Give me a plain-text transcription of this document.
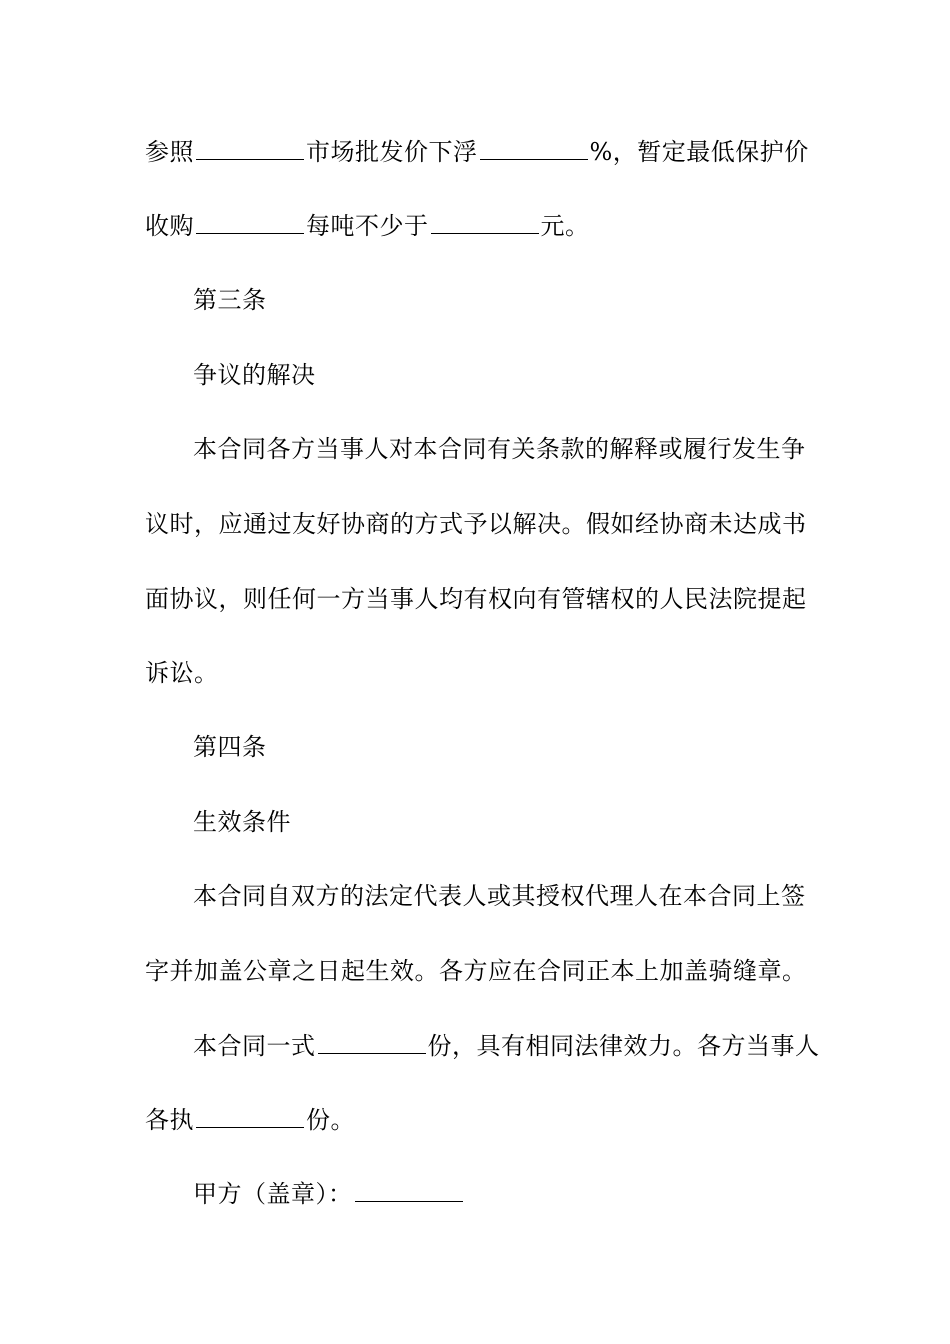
参照	市场批发价下浮	%，暂定最低保护价
收购	每吨不少于	元。
第三条
争议的解决
本合同各方当事人对本合同有关条款的解释或履行发生争
议时，应通过友好协商的方式予以解决。假如经协商未达成书
面协议，则任何一方当事人均有权向有管辖权的人民法院提起
诉讼。
第四条
生效条件
本合同自双方的法定代表人或其授权代理人在本合同上签
字并加盖公章之日起生效。各方应在合同正本上加盖骑缝章。
本合同一式	份，具有相同法律效力。各方当事人
各执	份。
甲方（盖章）：
